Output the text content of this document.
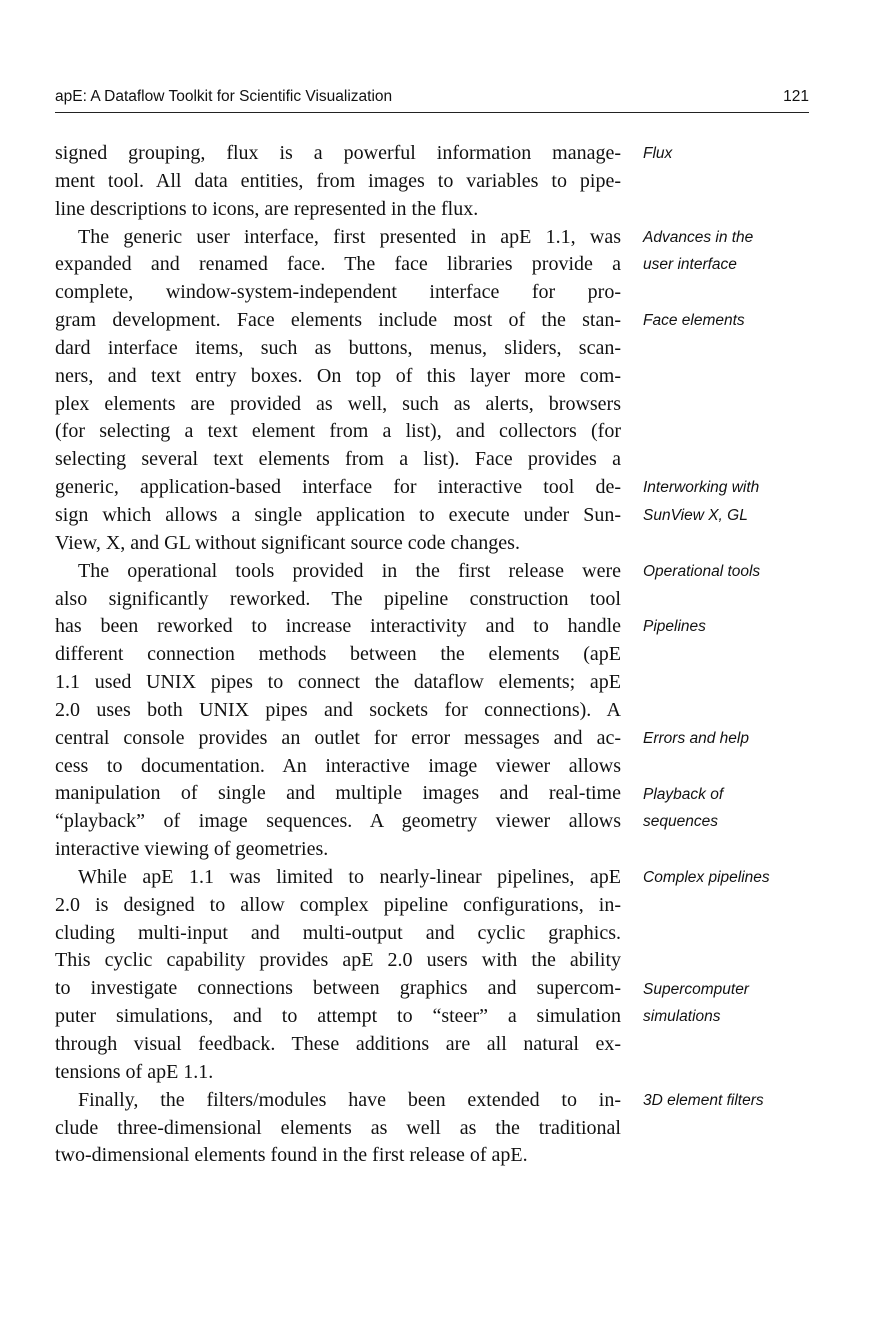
apE: A Dataflow Toolkit for Scientific Visualization	121
signed grouping, flux is a powerful information manage-
ment tool. All data entities, from images to variables to pipe-
line descriptions to icons, are represented in the flux.
The generic user interface, first presented in apE 1.1, was
expanded and renamed face. The face libraries provide a
complete, window-system-independent interface for pro-
gram development. Face elements include most of the stan-
dard interface items, such as buttons, menus, sliders, scan-
ners, and text entry boxes. On top of this layer more com-
plex elements are provided as well, such as alerts, browsers
(for selecting a text element from a list), and collectors (for
selecting several text elements from a list). Face provides a
generic, application-based interface for interactive tool de-
sign which allows a single application to execute under Sun-
View, X, and GL without significant source code changes.
The operational tools provided in the first release were
also significantly reworked. The pipeline construction tool
has been reworked to increase interactivity and to handle
different connection methods between the elements (apE
1.1 used UNIX pipes to connect the dataflow elements; apE
2.0 uses both UNIX pipes and sockets for connections). A
central console provides an outlet for error messages and ac-
cess to documentation. An interactive image viewer allows
manipulation of single and multiple images and real-time
“playback” of image sequences. A geometry viewer allows
interactive viewing of geometries.
While apE 1.1 was limited to nearly-linear pipelines, apE
2.0 is designed to allow complex pipeline configurations, in-
cluding multi-input and multi-output and cyclic graphics.
This cyclic capability provides apE 2.0 users with the ability
to investigate connections between graphics and supercom-
puter simulations, and to attempt to “steer” a simulation
through visual feedback. These additions are all natural ex-
tensions of apE 1.1.
Finally, the filters/modules have been extended to in-
clude three-dimensional elements as well as the traditional
two-dimensional elements found in the first release of apE.
Flux
Advances in the
user interface
Face elements
Interworking with
SunView X, GL
Operational tools
Pipelines
Errors and help
Playback of
sequences
Complex pipelines
Supercomputer
simulations
3D element filters
